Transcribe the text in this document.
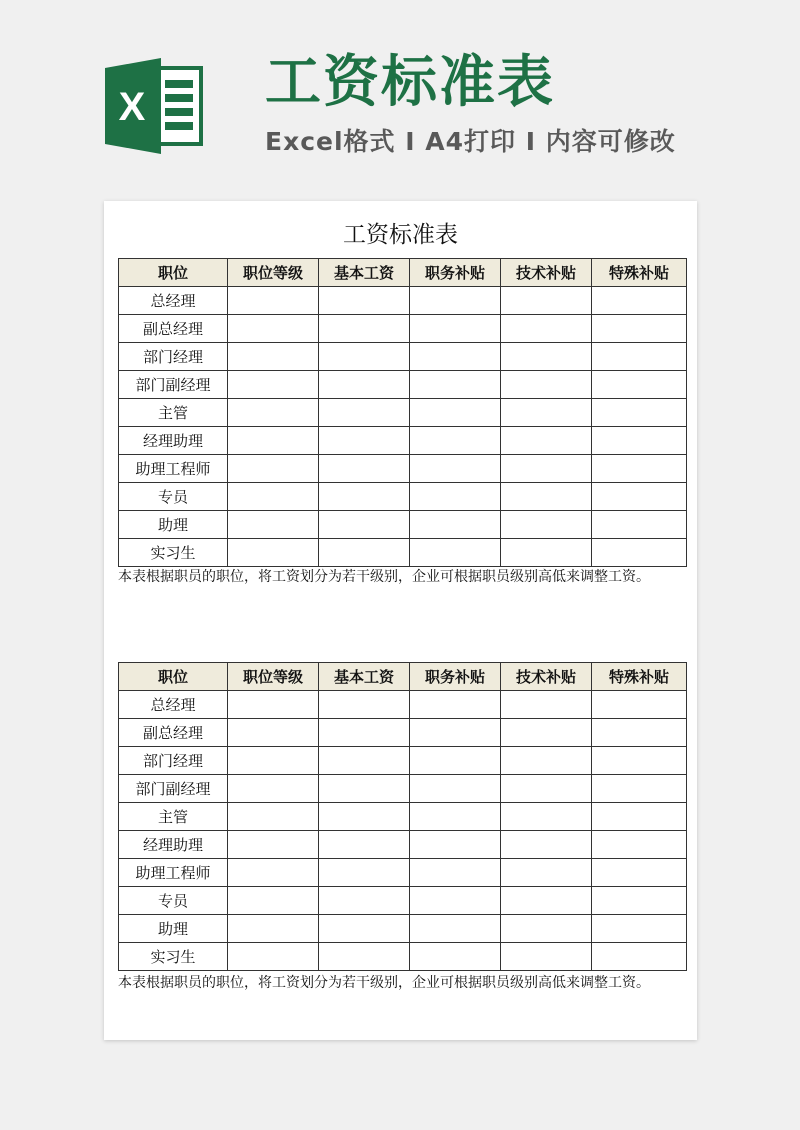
X 工资标准表
Excel格式 I A4打印 I 内容可修改
工资标准表
职位	职位等级	基本工资	职务补贴	技术补贴	特殊补贴
总经理					
副总经理					
部门经理					
部门副经理					
主管					
经理助理					
助理工程师					
专员					
助理					
实习生					
本表根据职员的职位，将工资划分为若干级别，企业可根据职员级别高低来调整工资。
职位	职位等级	基本工资	职务补贴	技术补贴	特殊补贴
总经理					
副总经理					
部门经理					
部门副经理					
主管					
经理助理					
助理工程师					
专员					
助理					
实习生					
本表根据职员的职位，将工资划分为若干级别，企业可根据职员级别高低来调整工资。
